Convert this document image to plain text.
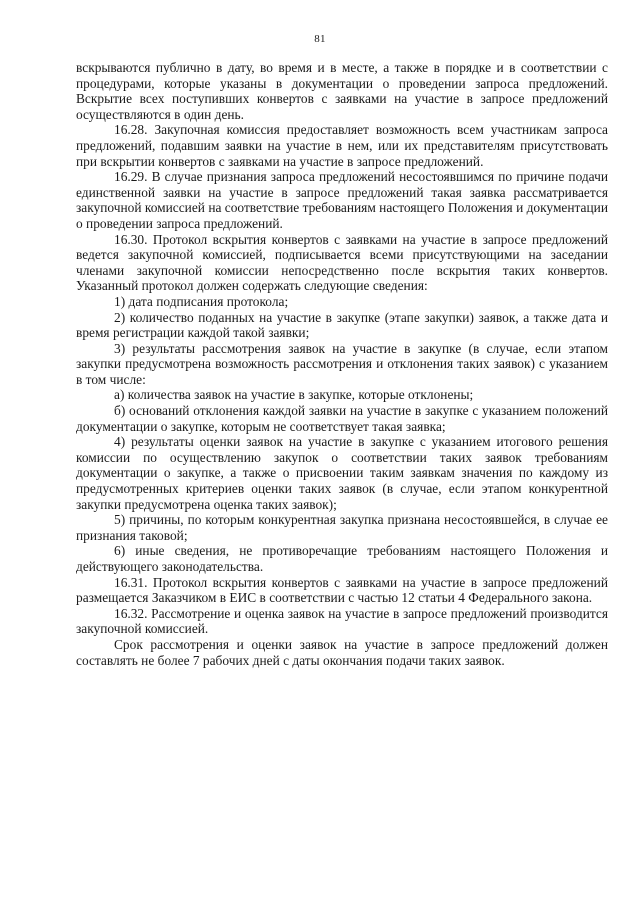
81

вскрываются публично в дату, во время и в месте, а также в порядке и в соответствии с процедурами, которые указаны в документации о проведении запроса предложений. Вскрытие всех поступивших конвертов с заявками на участие в запросе предложений осуществляются в один день.

16.28. Закупочная комиссия предоставляет возможность всем участникам запроса предложений, подавшим заявки на участие в нем, или их представителям присутствовать при вскрытии конвертов с заявками на участие в запросе предложений.

16.29. В случае признания запроса предложений несостоявшимся по причине подачи единственной заявки на участие в запросе предложений такая заявка рассматривается закупочной комиссией на соответствие требованиям настоящего Положения и документации о проведении запроса предложений.

16.30. Протокол вскрытия конвертов с заявками на участие в запросе предложений ведется закупочной комиссией, подписывается всеми присутствующими на заседании членами закупочной комиссии непосредственно после вскрытия таких конвертов. Указанный протокол должен содержать следующие сведения:

1) дата подписания протокола;

2) количество поданных на участие в закупке (этапе закупки) заявок, а также дата и время регистрации каждой такой заявки;

3) результаты рассмотрения заявок на участие в закупке (в случае, если этапом закупки предусмотрена возможность рассмотрения и отклонения таких заявок) с указанием в том числе:

а) количества заявок на участие в закупке, которые отклонены;

б) оснований отклонения каждой заявки на участие в закупке с указанием положений документации о закупке, которым не соответствует такая заявка;

4) результаты оценки заявок на участие в закупке с указанием итогового решения комиссии по осуществлению закупок о соответствии таких заявок требованиям документации о закупке, а также о присвоении таким заявкам значения по каждому из предусмотренных критериев оценки таких заявок (в случае, если этапом конкурентной закупки предусмотрена оценка таких заявок);

5) причины, по которым конкурентная закупка признана несостоявшейся, в случае ее признания таковой;

6) иные сведения, не противоречащие требованиям настоящего Положения и действующего законодательства.

16.31. Протокол вскрытия конвертов с заявками на участие в запросе предложений размещается Заказчиком в ЕИС в соответствии с частью 12 статьи 4 Федерального закона.

16.32. Рассмотрение и оценка заявок на участие в запросе предложений производится закупочной комиссией.

Срок рассмотрения и оценки заявок на участие в запросе предложений должен составлять не более 7 рабочих дней с даты окончания подачи таких заявок.
